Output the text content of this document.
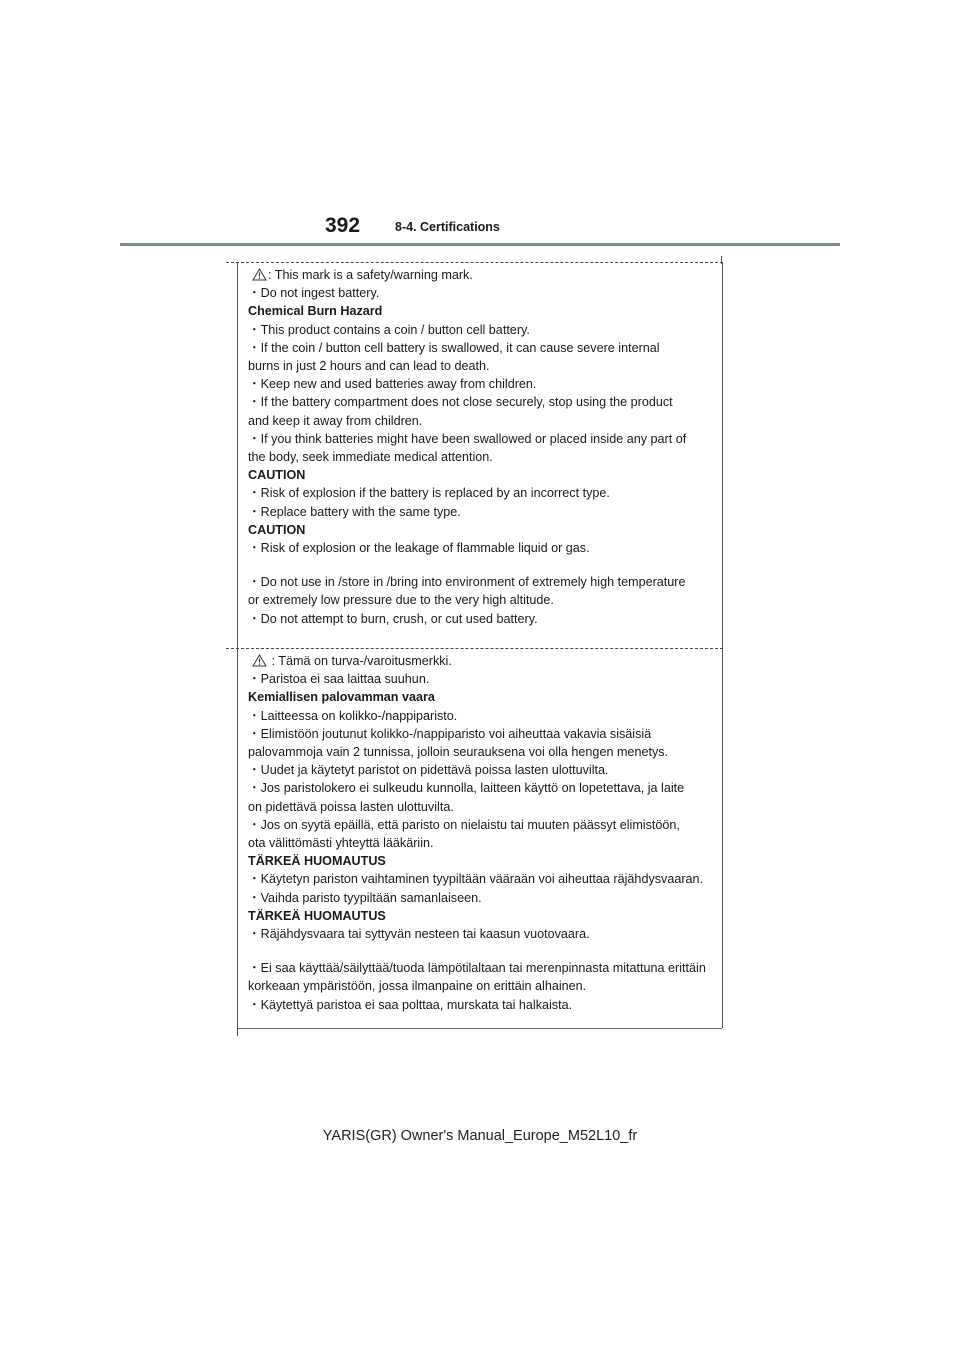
392	8-4. Certifications
: This mark is a safety/warning mark.
・Do not ingest battery.
Chemical Burn Hazard
・This product contains a coin / button cell battery.
・If the coin / button cell battery is swallowed, it can cause severe internal
burns in just 2 hours and can lead to death.
・Keep new and used batteries away from children.
・If the battery compartment does not close securely, stop using the product
and keep it away from children.
・If you think batteries might have been swallowed or placed inside any part of
the body, seek immediate medical attention.
CAUTION
・Risk of explosion if the battery is replaced by an incorrect type.
・Replace battery with the same type.
CAUTION
・Risk of explosion or the leakage of flammable liquid or gas.
・Do not use in /store in /bring into environment of extremely high temperature
or extremely low pressure due to the very high altitude.
・Do not attempt to burn, crush, or cut used battery.
: Tämä on turva-/varoitusmerkki.
・Paristoa ei saa laittaa suuhun.
Kemiallisen palovamman vaara
・Laitteessa on kolikko-/nappiparisto.
・Elimistöön joutunut kolikko-/nappiparisto voi aiheuttaa vakavia sisäisiä
palovammoja vain 2 tunnissa, jolloin seurauksena voi olla hengen menetys.
・Uudet ja käytetyt paristot on pidettävä poissa lasten ulottuvilta.
・Jos paristolokero ei sulkeudu kunnolla, laitteen käyttö on lopetettava, ja laite
on pidettävä poissa lasten ulottuvilta.
・Jos on syytä epäillä, että paristo on nielaistu tai muuten päässyt elimistöön,
ota välittömästi yhteyttä lääkäriin.
TÄRKEÄ HUOMAUTUS
・Käytetyn pariston vaihtaminen tyypiltään vääraän voi aiheuttaa räjähdysvaaran.
・Vaihda paristo tyypiltään samanlaiseen.
TÄRKEÄ HUOMAUTUS
・Räjähdysvaara tai syttyvän nesteen tai kaasun vuotovaara.
・Ei saa käyttää/säilyttää/tuoda lämpötilaltaan tai merenpinnasta mitattuna erittäin
korkeaan ympäristöön, jossa ilmanpaine on erittäin alhainen.
・Käytettyä paristoa ei saa polttaa, murskata tai halkaista.
YARIS(GR) Owner's Manual_Europe_M52L10_fr
